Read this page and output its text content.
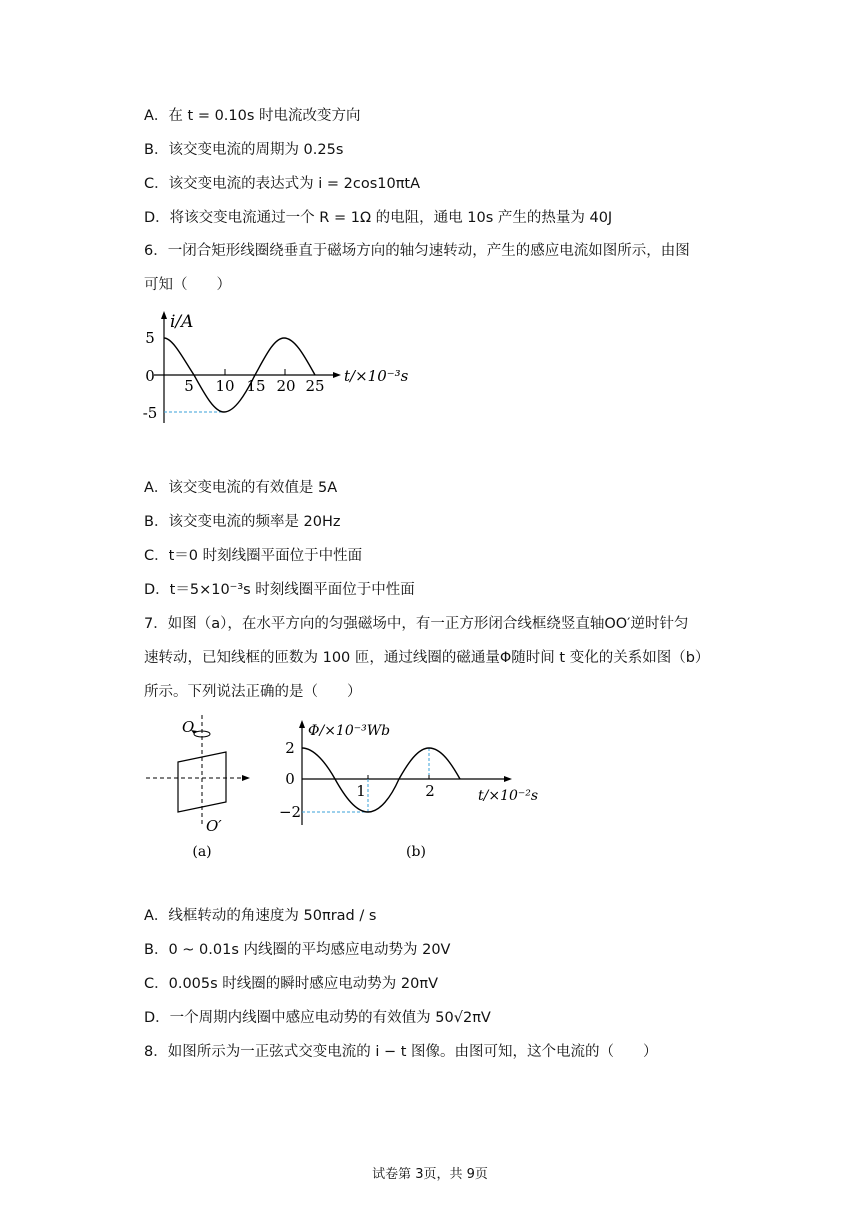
A．在 t = 0.10s 时电流改变方向
B．该交变电流的周期为 0.25s
C．该交变电流的表达式为 i = 2cos10πtA
D．将该交变电流通过一个 R = 1Ω 的电阻，通电 10s 产生的热量为 40J
6．一闭合矩形线圈绕垂直于磁场方向的轴匀速转动，产生的感应电流如图所示，由图
可知（　　）
i/A
5
0
-5
5 10 15 20 25
t/×10⁻³s
A．该交变电流的有效值是 5A
B．该交变电流的频率是 20Hz
C．t＝0 时刻线圈平面位于中性面
D．t＝5×10⁻³s 时刻线圈平面位于中性面
7．如图（a），在水平方向的匀强磁场中，有一正方形闭合线框绕竖直轴OO′逆时针匀
速转动，已知线框的匝数为 100 匝，通过线圈的磁通量Φ随时间 t 变化的关系如图（b）
所示。下列说法正确的是（　　）
O
O′
(a)
Φ/×10⁻³Wb
2
0
−2
1	2	t/×10⁻²s
(b)
A．线框转动的角速度为 50πrad / s
B．0 ~ 0.01s 内线圈的平均感应电动势为 20V
C．0.005s 时线圈的瞬时感应电动势为 20πV
D．一个周期内线圈中感应电动势的有效值为 50√2πV
8．如图所示为一正弦式交变电流的 i − t 图像。由图可知，这个电流的（　　）
试卷第 3页，共 9页
